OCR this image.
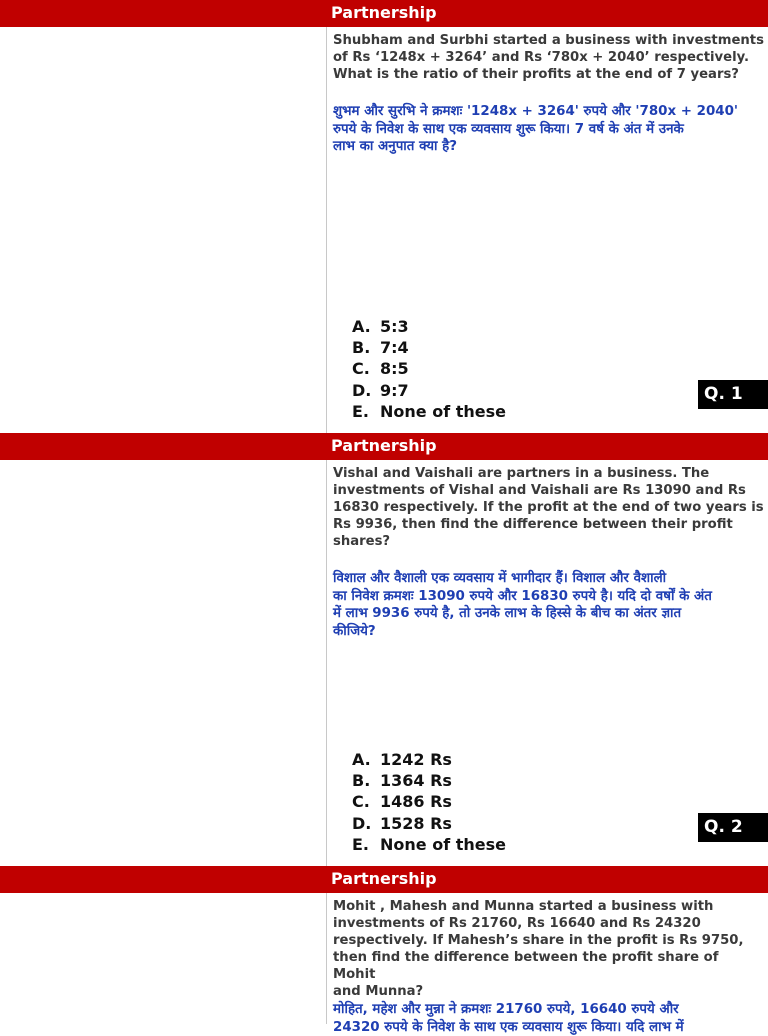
Partnership

Shubham and Surbhi started a business with investments
of Rs ‘1248x + 3264’ and Rs ‘780x + 2040’ respectively.
What is the ratio of their profits at the end of 7 years?

शुभम और सुरभि ने क्रमशः '1248x + 3264' रुपये और '780x + 2040'
रुपये के निवेश के साथ एक व्यवसाय शुरू किया। 7 वर्ष के अंत में उनके
लाभ का अनुपात क्या है?

A. 5:3
B. 7:4
C. 8:5
D. 9:7
E. None of these
Q. 1
Partnership

Vishal and Vaishali are partners in a business. The
investments of Vishal and Vaishali are Rs 13090 and Rs
16830 respectively. If the profit at the end of two years is
Rs 9936, then find the difference between their profit
shares?

विशाल और वैशाली एक व्यवसाय में भागीदार हैं। विशाल और वैशाली
का निवेश क्रमशः 13090 रुपये और 16830 रुपये है। यदि दो वर्षों के अंत
में लाभ 9936 रुपये है, तो उनके लाभ के हिस्से के बीच का अंतर ज्ञात
कीजिये?

A. 1242 Rs
B. 1364 Rs
C. 1486 Rs
D. 1528 Rs
E. None of these
Q. 2
Partnership

Mohit , Mahesh and Munna started a business with
investments of Rs 21760, Rs 16640 and Rs 24320
respectively. If Mahesh’s share in the profit is Rs 9750,
then find the difference between the profit share of Mohit
and Munna?

मोहित, महेश और मुन्ना ने क्रमशः 21760 रुपये, 16640 रुपये और
24320 रुपये के निवेश के साथ एक व्यवसाय शुरू किया। यदि लाभ में
